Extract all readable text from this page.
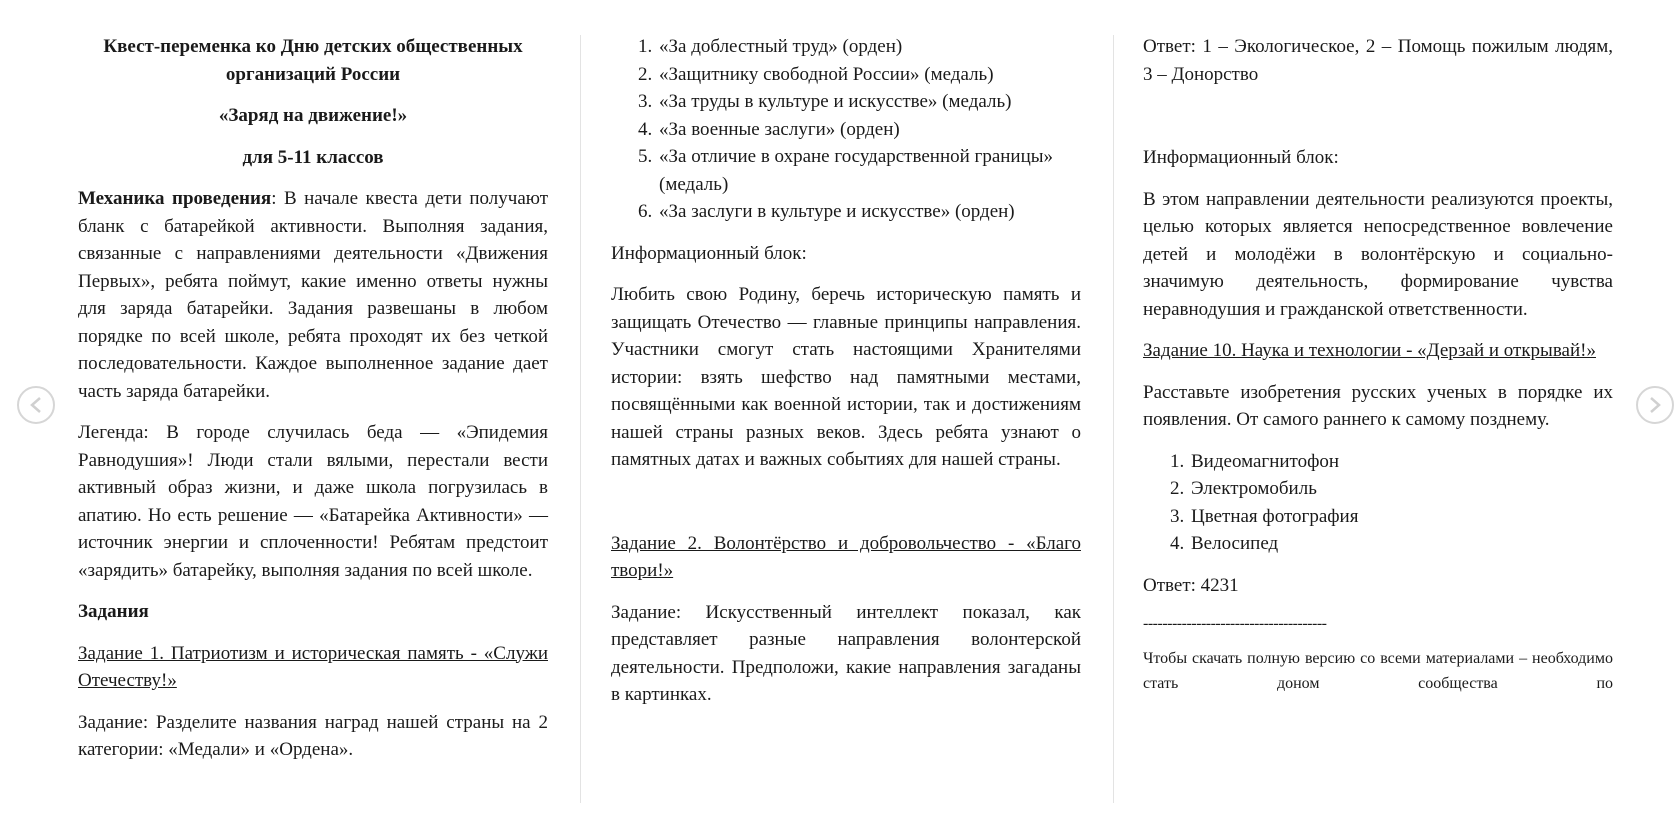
Квест-переменка ко Дню детских общественных организаций России

«Заряд на движение!»

для 5-11 классов

Механика проведения: В начале квеста дети получают бланк с батарейкой активности. Выполняя задания, связанные с направлениями деятельности «Движения Первых», ребята поймут, какие именно ответы нужны для заряда батарейки. Задания развешаны в любом порядке по всей школе, ребята проходят их без четкой последовательности. Каждое выполненное задание дает часть заряда батарейки.

Легенда: В городе случилась беда — «Эпидемия Равнодушия»! Люди стали вялыми, перестали вести активный образ жизни, и даже школа погрузилась в апатию. Но есть решение — «Батарейка Активности» — источник энергии и сплоченности! Ребятам предстоит «зарядить» батарейку, выполняя задания по всей школе.

Задания

Задание 1. Патриотизм и историческая память - «Служи Отечеству!»

Задание: Разделите названия наград нашей страны на 2 категории: «Медали» и «Ордена».

1. «За доблестный труд» (орден)
2. «Защитнику свободной России» (медаль)
3. «За труды в культуре и искусстве» (медаль)
4. «За военные заслуги» (орден)
5. «За отличие в охране государственной границы» (медаль)
6. «За заслуги в культуре и искусстве» (орден)

Информационный блок:

Любить свою Родину, беречь историческую память и защищать Отечество — главные принципы направления. Участники смогут стать настоящими Хранителями истории: взять шефство над памятными местами, посвящёнными как военной истории, так и достижениям нашей страны разных веков. Здесь ребята узнают о памятных датах и важных событиях для нашей страны.

Задание 2. Волонтёрство и добровольчество - «Благо твори!»

Задание: Искусственный интеллект показал, как представляет разные направления волонтерской деятельности. Предположи, какие направления загаданы в картинках.

Ответ: 1 – Экологическое, 2 – Помощь пожилым людям, 3 – Донорство

Информационный блок:

В этом направлении деятельности реализуются проекты, целью которых является непосредственное вовлечение детей и молодёжи в волонтёрскую и социально-значимую деятельность, формирование чувства неравнодушия и гражданской ответственности.

Задание 10. Наука и технологии - «Дерзай и открывай!»

Расставьте изобретения русских ученых в порядке их появления. От самого раннего к самому позднему.

1. Видеомагнитофон
2. Электромобиль
3. Цветная фотография
4. Велосипед

Ответ: 4231

--------------------------------------
Чтобы скачать полную версию со всеми материалами – необходимо стать доном сообщества по
